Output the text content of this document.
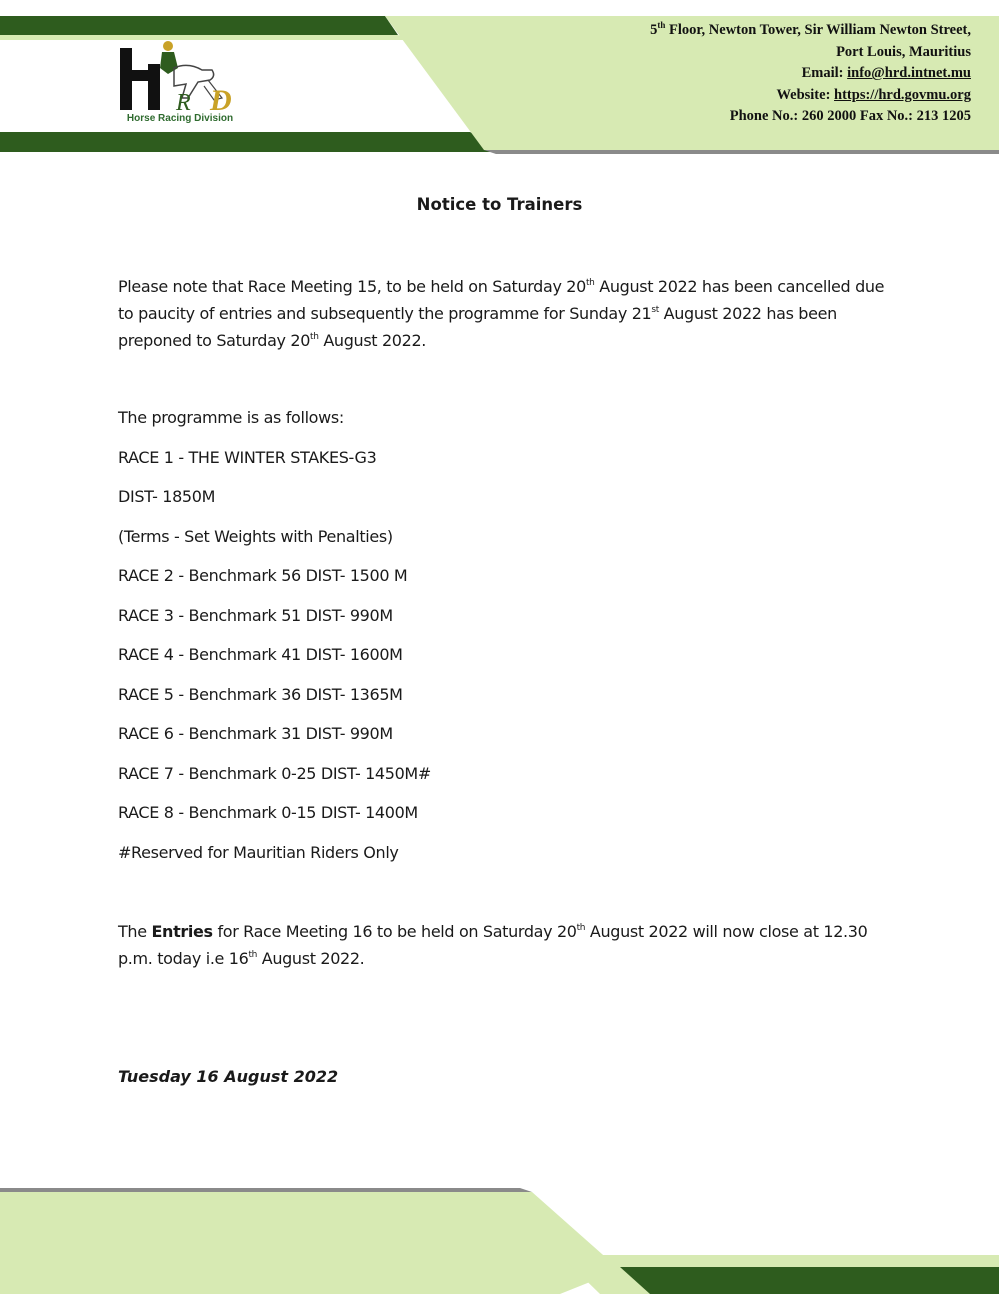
D
R
Horse Racing Division
5th Floor, Newton Tower, Sir William Newton Street,
Port Louis, Mauritius
Email: info@hrd.intnet.mu
Website: https://hrd.govmu.org
Phone No.: 260 2000 Fax No.: 213 1205
Notice to Trainers
Please note that Race Meeting 15, to be held on Saturday 20th August 2022 has been cancelled due to paucity of entries and subsequently the programme for Sunday 21st August 2022 has been preponed to Saturday 20th August 2022.
The programme is as follows:
RACE 1 - THE WINTER STAKES-G3
DIST- 1850M
(Terms - Set Weights with Penalties)
RACE 2 - Benchmark 56 DIST- 1500 M
RACE 3 - Benchmark 51 DIST- 990M
RACE 4 - Benchmark 41 DIST- 1600M
RACE 5 - Benchmark 36 DIST- 1365M
RACE 6 - Benchmark 31 DIST- 990M
RACE 7 - Benchmark 0-25 DIST- 1450M#
RACE 8 - Benchmark 0-15 DIST- 1400M
#Reserved for Mauritian Riders Only
The Entries for Race Meeting 16 to be held on Saturday 20th August 2022 will now close at 12.30 p.m. today i.e 16th August 2022.
Tuesday 16 August 2022
